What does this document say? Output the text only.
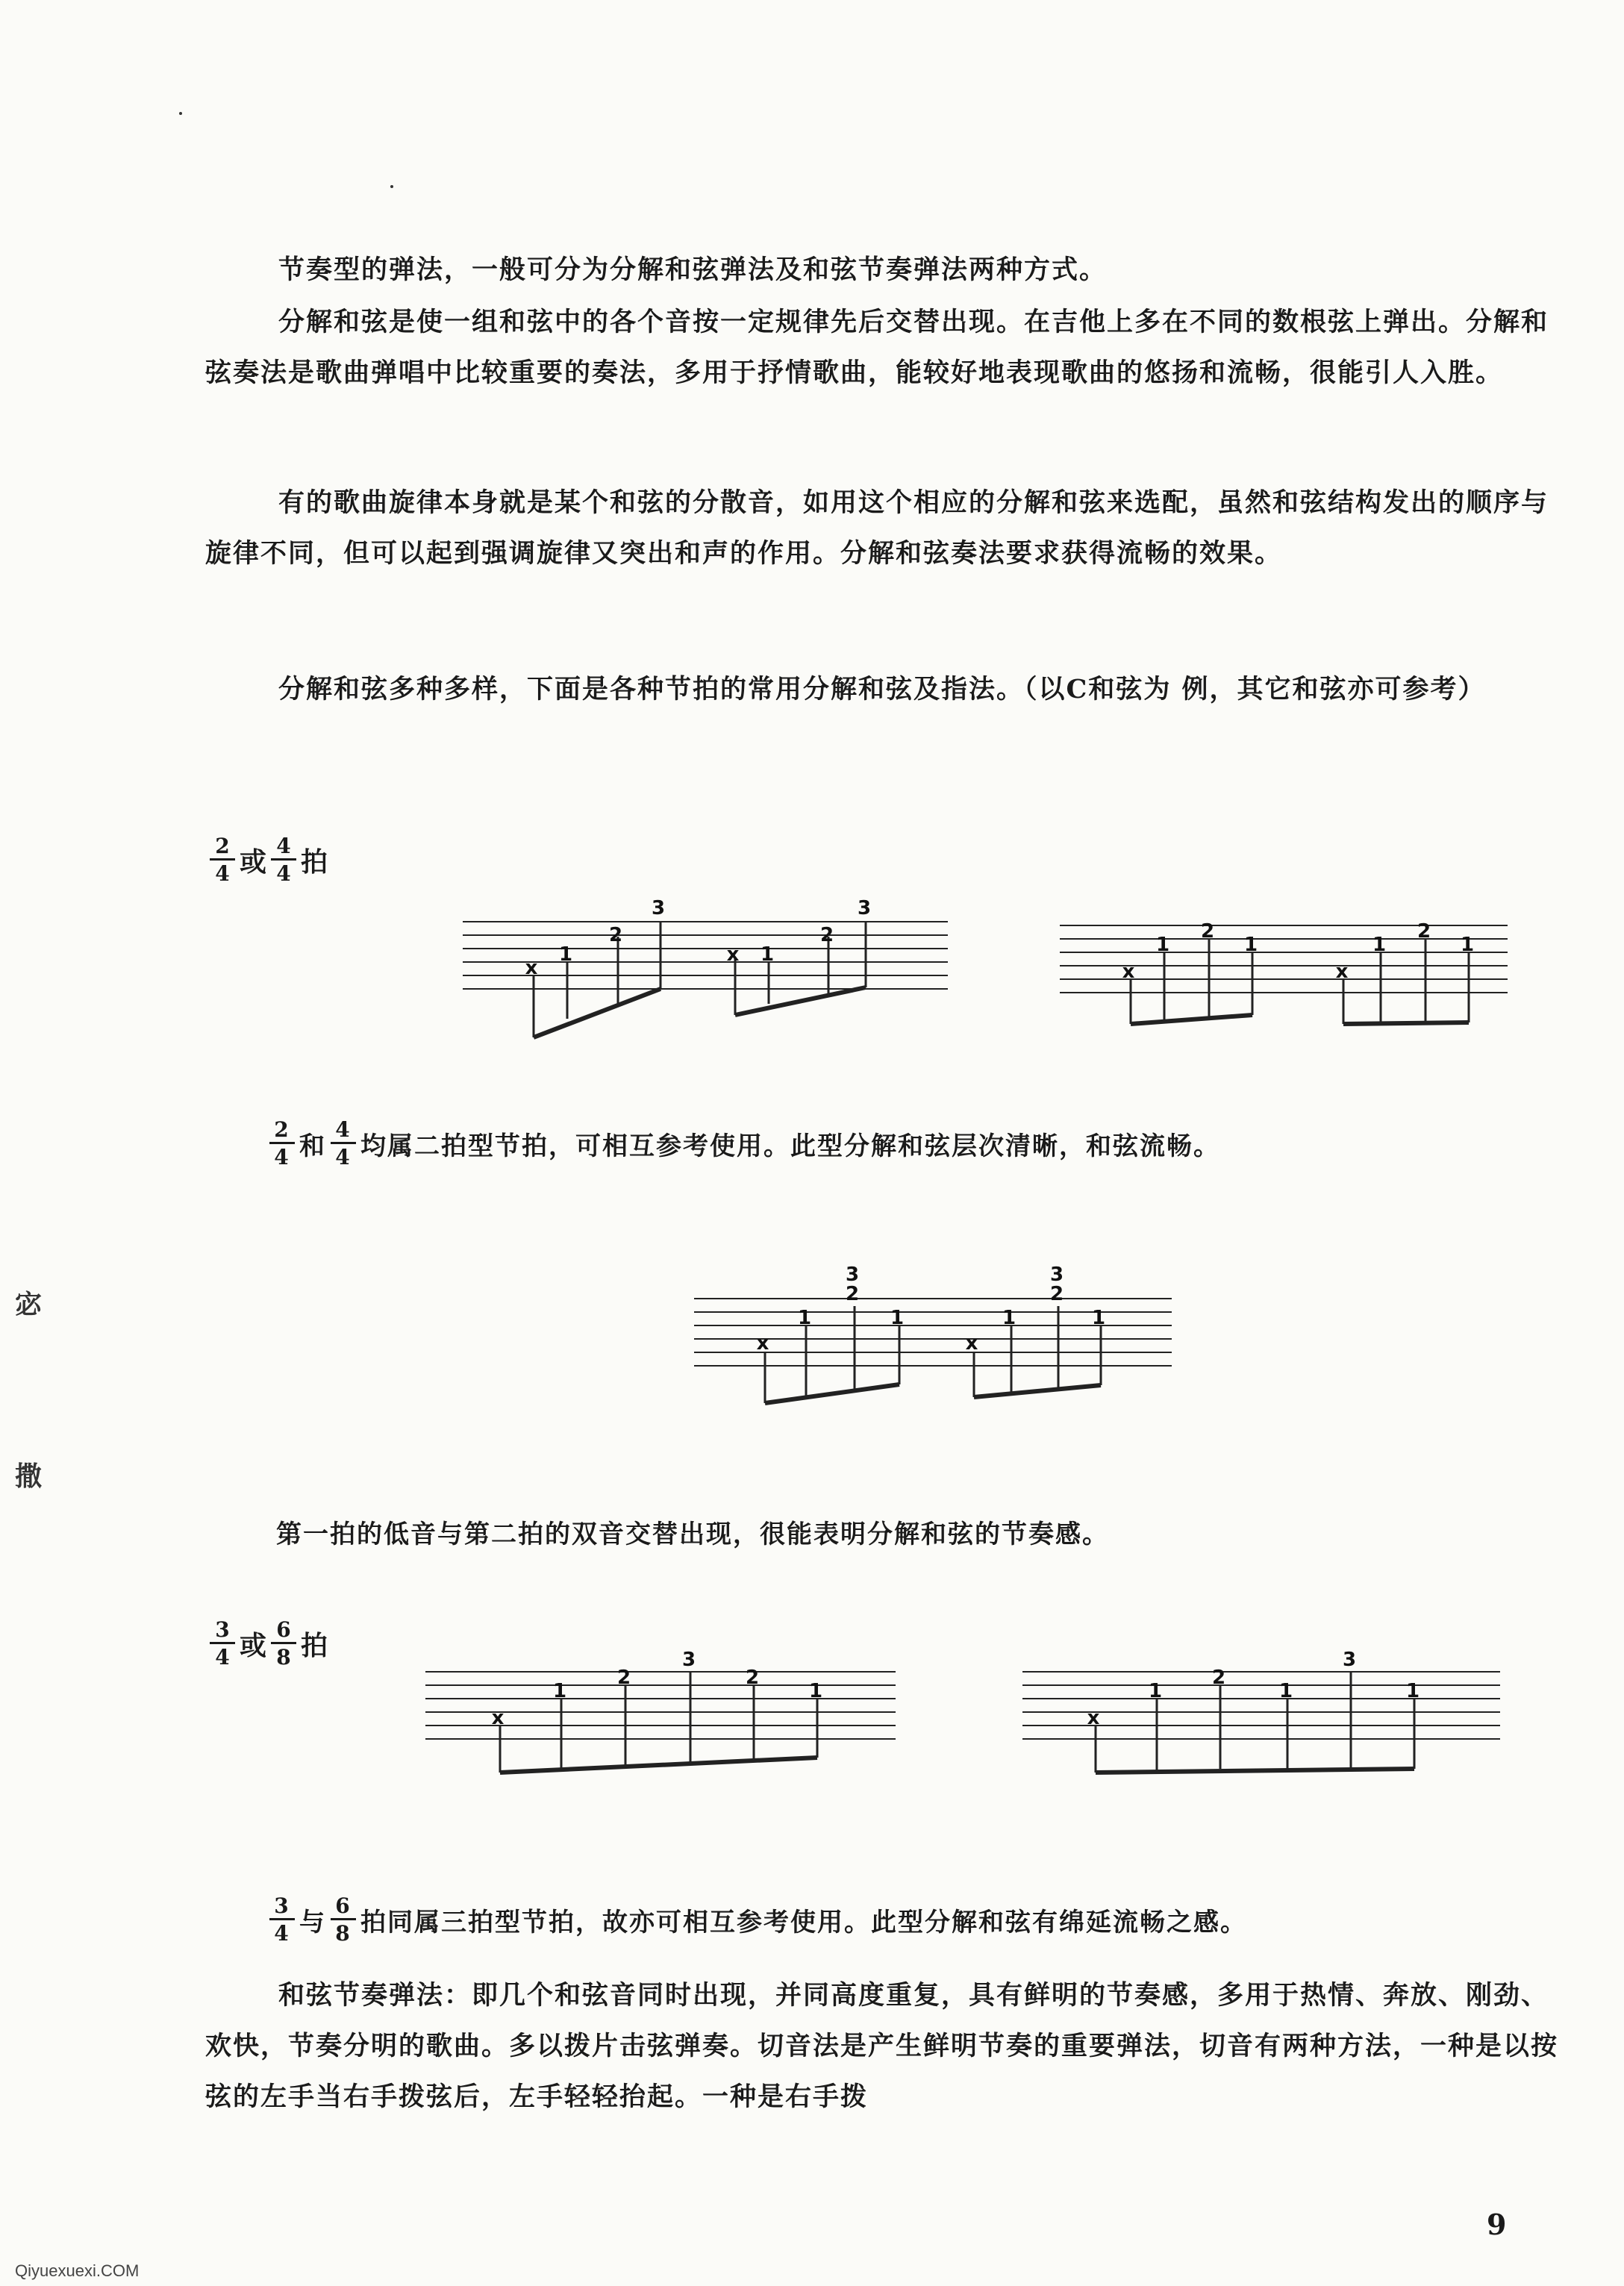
节奏型的弹法，一般可分为分解和弦弹法及和弦节奏弹法两种方式。

分解和弦是使一组和弦中的各个音按一定规律先后交替出现。在吉他上多在不同的数根弦上弹出。分解和弦奏法是歌曲弹唱中比较重要的奏法，多用于抒情歌曲，能较好地表现歌曲的悠扬和流畅，很能引人入胜。

有的歌曲旋律本身就是某个和弦的分散音，如用这个相应的分解和弦来选配，虽然和弦结构发出的顺序与旋律不同，但可以起到强调旋律又突出和声的作用。分解和弦奏法要求获得流畅的效果。

分解和弦多种多样，下面是各种节拍的常用分解和弦及指法。（以C和弦为 例，其它和弦亦可参考）

$\frac{2}{4}$ 或 $\frac{4}{4}$ 拍
x
1
2
3
x 1
2
3
x
1
2
1
x
1
2
1
$\frac{2}{4}$ 和 $\frac{4}{4}$ 均属二拍型节拍，可相互参考使用。此型分解和弦层次清晰，和弦流畅。
宓
撒
x
1
3
2
1
x
1
3
2
1
第一拍的低音与第二拍的双音交替出现，很能表明分解和弦的节奏感。
$\frac{3}{4}$ 或 $\frac{6}{8}$ 拍
x
1
2
3
2
1
x
1
2
1
3
1
$\frac{3}{4}$ 与 $\frac{6}{8}$ 拍同属三拍型节拍，故亦可相互参考使用。此型分解和弦有绵延流畅之感。

和弦节奏弹法：即几个和弦音同时出现，并同高度重复，具有鲜明的节奏感，多用于热情、奔放、刚劲、欢快，节奏分明的歌曲。多以拨片击弦弹奏。切音法是产生鲜明节奏的重要弹法，切音有两种方法，一种是以按弦的左手当右手拨弦后，左手轻轻抬起。一种是右手拨

9
Qiyuexuexi.COM
